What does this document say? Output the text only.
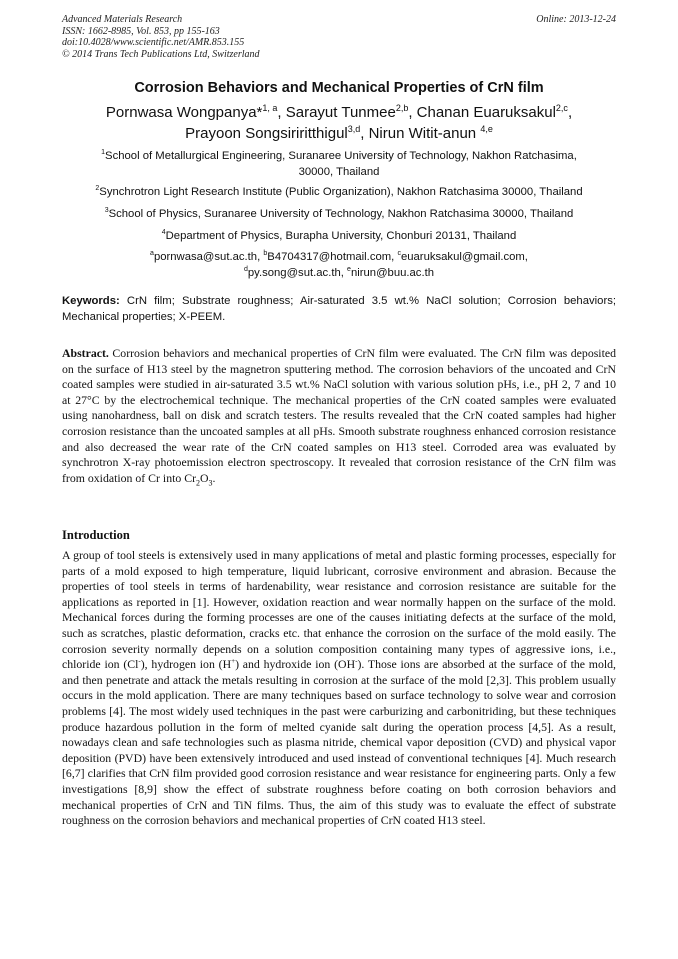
Advanced Materials Research
ISSN: 1662-8985, Vol. 853, pp 155-163
doi:10.4028/www.scientific.net/AMR.853.155
© 2014 Trans Tech Publications Ltd, Switzerland
Online: 2013-12-24
Corrosion Behaviors and Mechanical Properties of CrN film
Pornwasa Wongpanya*$^{1, a}$, Sarayut Tunmee$^{2,b}$, Chanan Euaruksakul$^{2,c}$,
Prayoon Songsiriritthigul$^{3,d}$, Nirun Witit-anun $^{4,e}$
$^1$School of Metallurgical Engineering, Suranaree University of Technology, Nakhon Ratchasima,
30000, Thailand
$^2$Synchrotron Light Research Institute (Public Organization), Nakhon Ratchasima 30000, Thailand
$^3$School of Physics, Suranaree University of Technology, Nakhon Ratchasima 30000, Thailand
$^4$Department of Physics, Burapha University, Chonburi 20131, Thailand
$^a$pornwasa@sut.ac.th, $^b$B4704317@hotmail.com, $^c$euaruksakul@gmail.com,
$^d$py.song@sut.ac.th, $^e$nirun@buu.ac.th
Keywords: CrN film; Substrate roughness; Air-saturated 3.5 wt.% NaCl solution; Corrosion behaviors; Mechanical properties; X-PEEM.
Abstract. Corrosion behaviors and mechanical properties of CrN film were evaluated. The CrN film was deposited on the surface of H13 steel by the magnetron sputtering method. The corrosion behaviors of the uncoated and CrN coated samples were studied in air-saturated 3.5 wt.% NaCl solution with various solution pHs, i.e., pH 2, 7 and 10 at 27°C by the electrochemical technique. The mechanical properties of the CrN coated samples were evaluated using nanohardness, ball on disk and scratch testers. The results revealed that the CrN coated samples had higher corrosion resistance than the uncoated samples at all pHs. Smooth substrate roughness enhanced corrosion resistance and also decreased the wear rate of the CrN coated samples on H13 steel. Corroded area was evaluated by synchrotron X-ray photoemission electron spectroscopy. It revealed that corrosion resistance of the CrN film was from oxidation of Cr into $Cr_2O_3$.
Introduction
A group of tool steels is extensively used in many applications of metal and plastic forming processes, especially for parts of a mold exposed to high temperature, liquid lubricant, corrosive environment and abrasion. Because the properties of tool steels in terms of hardenability, wear resistance and corrosion resistance are suitable for the applications as reported in [1]. However, oxidation reaction and wear normally happen on the surface of the mold. Mechanical forces during the forming processes are one of the causes initiating defects at the surface of the mold, such as scratches, plastic deformation, cracks etc. that enhance the corrosion on the surface of the mold easily. The corrosion severity normally depends on a solution composition containing many types of aggressive ions, i.e., chloride ion (Cl-), hydrogen ion (H+) and hydroxide ion (OH-). Those ions are absorbed at the surface of the mold, and then penetrate and attack the metals resulting in corrosion at the surface of the mold [2,3]. This problem usually occurs in the mold application. There are many techniques based on surface technology to solve wear and corrosion problems [4]. The most widely used techniques in the past were carburizing and carbonitriding, but these techniques produce hazardous pollution in the form of melted cyanide salt during the operation process [4,5]. As a result, nowadays clean and safe technologies such as plasma nitride, chemical vapor deposition (CVD) and physical vapor deposition (PVD) have been extensively introduced and used instead of conventional techniques [4]. Much research [6,7] clarifies that CrN film provided good corrosion resistance and wear resistance for engineering parts. Only a few investigations [8,9] show the effect of substrate roughness before coating on both corrosion behaviors and mechanical properties of CrN and TiN films. Thus, the aim of this study was to evaluate the effect of substrate roughness on the corrosion behaviors and mechanical properties of CrN coated H13 steel.
